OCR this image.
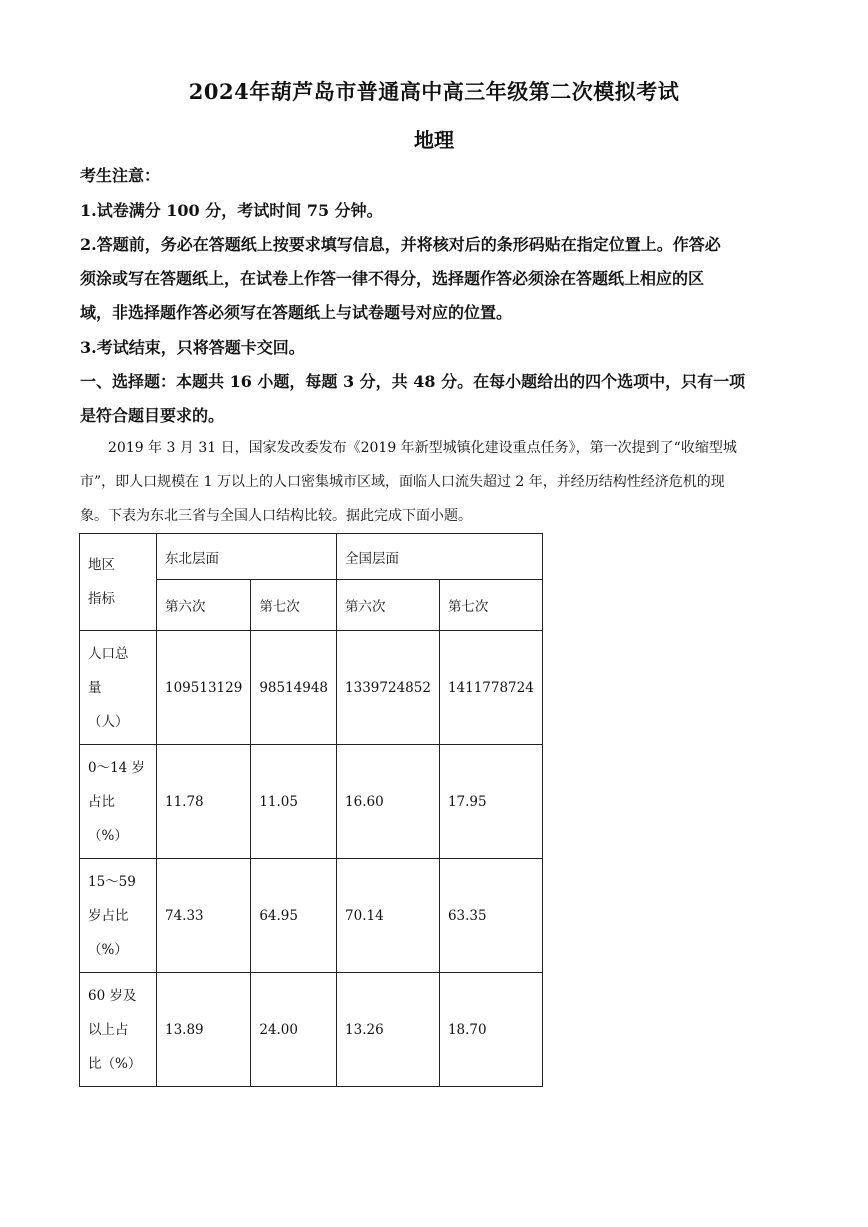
2024年葫芦岛市普通高中高三年级第二次模拟考试
地理
考生注意：
1.试卷满分 100 分，考试时间 75 分钟。
2.答题前，务必在答题纸上按要求填写信息，并将核对后的条形码贴在指定位置上。作答必
须涂或写在答题纸上，在试卷上作答一律不得分，选择题作答必须涂在答题纸上相应的区
域，非选择题作答必须写在答题纸上与试卷题号对应的位置。
3.考试结束，只将答题卡交回。
一、选择题：本题共 16 小题，每题 3 分，共 48 分。在每小题给出的四个选项中，只有一项
是符合题目要求的。
2019 年 3 月 31 日，国家发改委发布《2019 年新型城镇化建设重点任务》，第一次提到了“收缩型城
市”，即人口规模在 1 万以上的人口密集城市区域，面临人口流失超过 2 年，并经历结构性经济危机的现
象。下表为东北三省与全国人口结构比较。据此完成下面小题。
地区
指标	东北层面		全国层面	
	第六次	第七次	第六次	第七次

人口总
量
（人）	109513129	98514948	1339724852	1411778724

0～14 岁
占比
（%）	11.78	11.05	16.60	17.95

15～59
岁占比
（%）	74.33	64.95	70.14	63.35

60 岁及
以上占
比（%）	13.89	24.00	13.26	18.70
